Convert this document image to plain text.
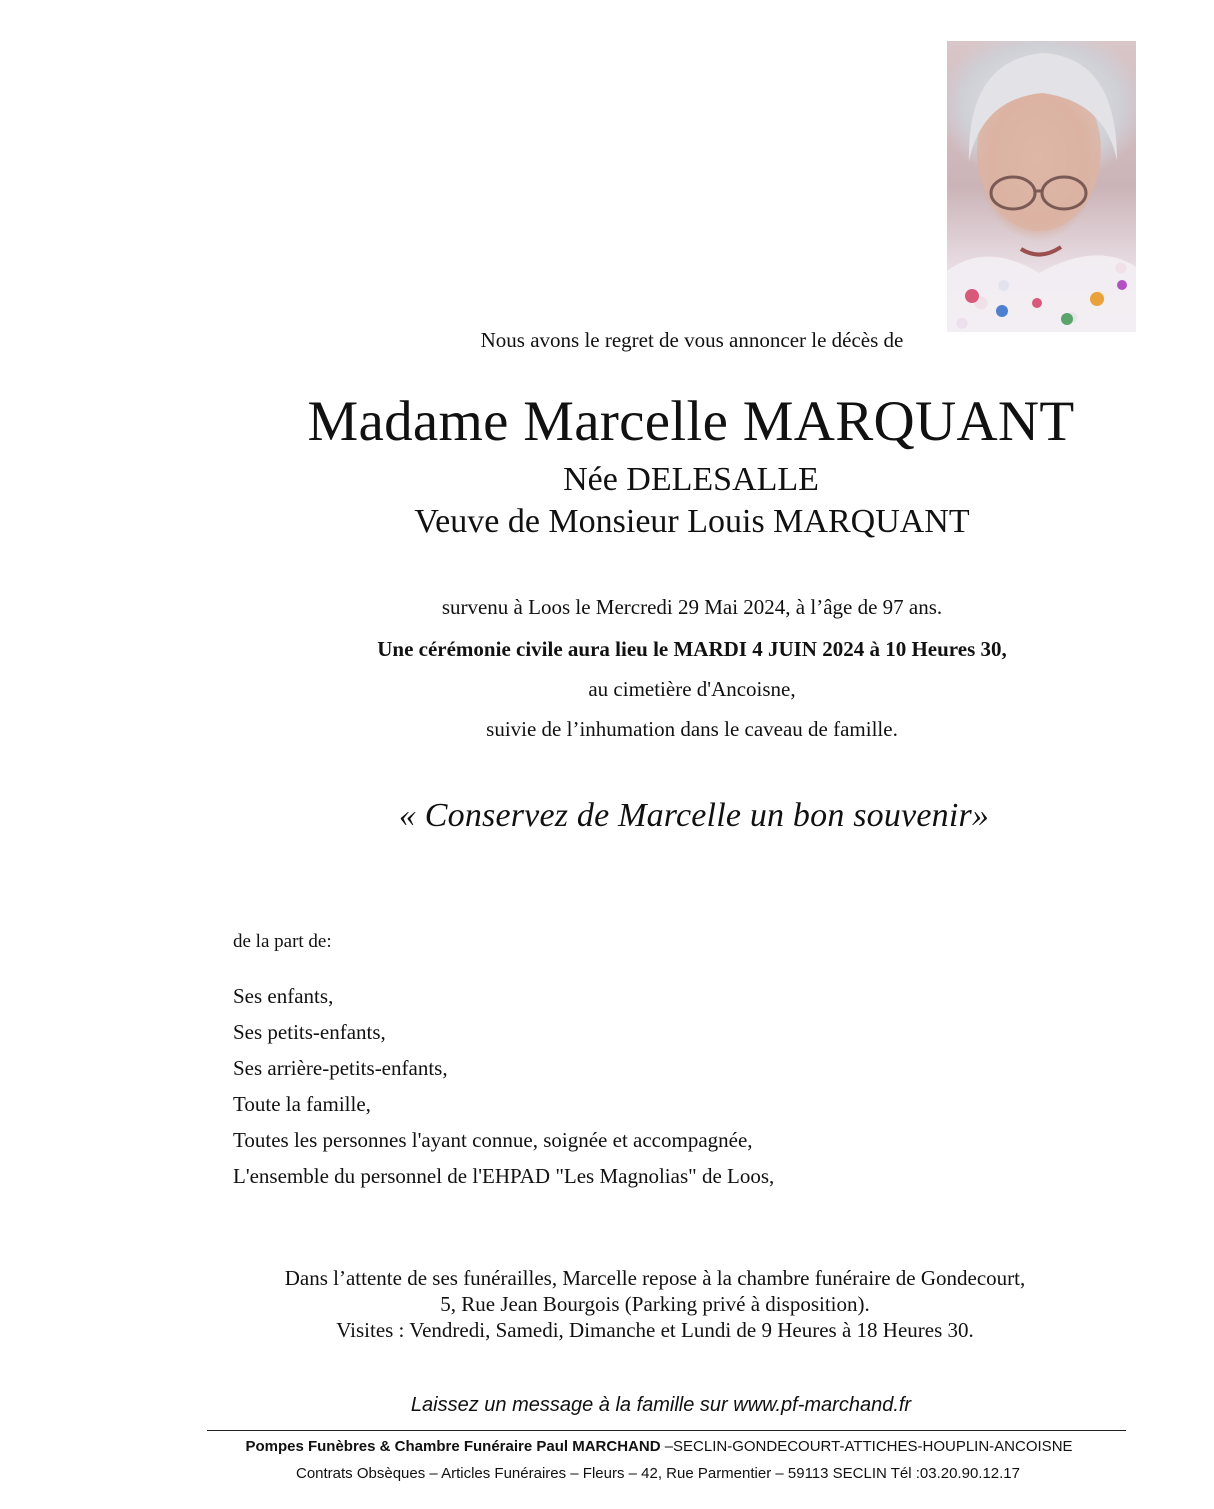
Nous avons le regret de vous annoncer le décès de
Madame Marcelle MARQUANT
Née DELESALLE
Veuve de Monsieur Louis MARQUANT
survenu à Loos le Mercredi 29 Mai 2024, à l’âge de 97 ans.
Une cérémonie civile aura lieu le MARDI 4 JUIN 2024 à 10 Heures 30,
au cimetière d'Ancoisne,
suivie de l’inhumation dans le caveau de famille.
« Conservez de Marcelle un bon souvenir»
de la part de:
Ses enfants,
Ses petits-enfants,
Ses arrière-petits-enfants,
Toute la famille,
Toutes les personnes l'ayant connue, soignée et accompagnée,
L'ensemble du personnel de l'EHPAD "Les Magnolias" de Loos,
Dans l’attente de ses funérailles, Marcelle repose à la chambre funéraire de Gondecourt,
5, Rue Jean Bourgois (Parking privé à disposition).
Visites : Vendredi, Samedi, Dimanche et Lundi de 9 Heures à 18 Heures 30.
Laissez un message à la famille sur www.pf-marchand.fr
Pompes Funèbres & Chambre Funéraire Paul MARCHAND –SECLIN-GONDECOURT-ATTICHES-HOUPLIN-ANCOISNE
Contrats Obsèques – Articles Funéraires – Fleurs – 42, Rue Parmentier – 59113 SECLIN Tél :03.20.90.12.17
